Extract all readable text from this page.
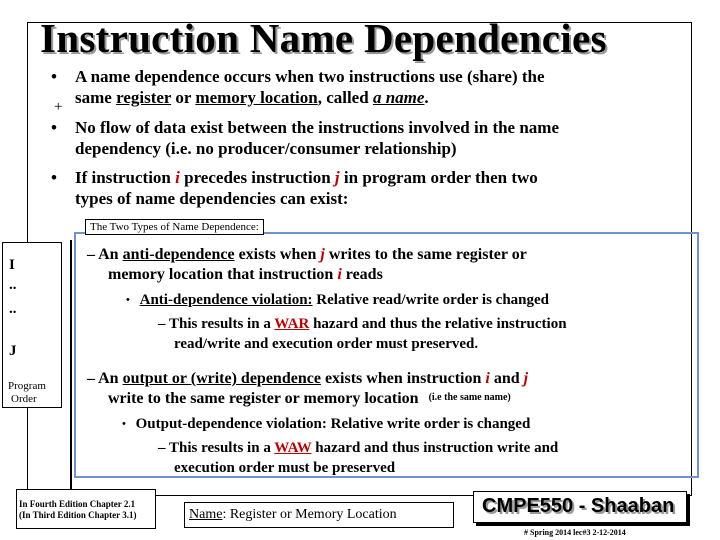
Instruction Name Dependencies
• A name dependence occurs when two instructions use (share) the
same register or memory location, called a name.
+
• No flow of data exist between the instructions involved in the name
dependency (i.e. no producer/consumer relationship)
• If instruction i precedes instruction j in program order then two
types of name dependencies can exist:
The Two Types of Name Dependence:
I
..
..
J
Program
Order
– An anti-dependence exists when j writes to the same register or
memory location that instruction i reads
• Anti-dependence violation: Relative read/write order is changed
– This results in a WAR hazard and thus the relative instruction
read/write and execution order must preserved.
– An output or (write) dependence exists when instruction i and j
write to the same register or memory location (i.e the same name)
• Output-dependence violation: Relative write order is changed
– This results in a WAW hazard and thus instruction write and
execution order must be preserved
In Fourth Edition Chapter 2.1
(In Third Edition Chapter 3.1)	Name: Register or Memory Location	CMPE550 - Shaaban
# Spring 2014 lec#3 2-12-2014
